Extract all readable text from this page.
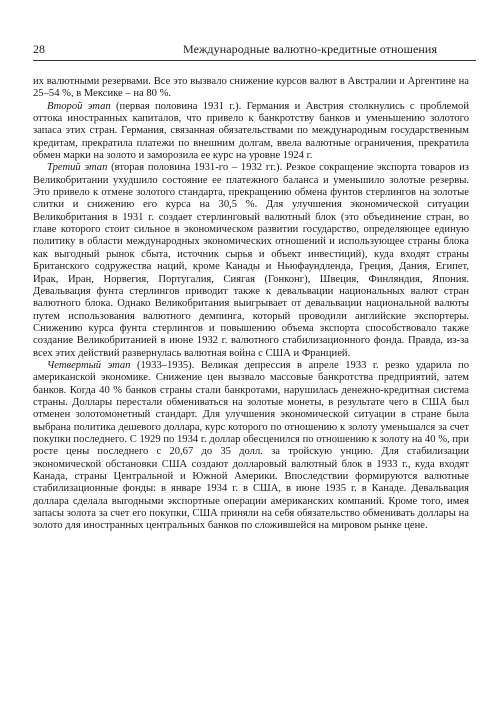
28	Международные валютно-кредитные отношения

их валютными резервами. Все это вызвало снижение курсов валют в Австралии и Аргентине на 25–54 %, в Мексике – на 80 %.

Второй этап (первая половина 1931 г.). Германия и Австрия столкнулись с проблемой оттока иностранных капиталов, что привело к банкротству банков и уменьшению золотого запаса этих стран. Германия, связанная обязательствами по международным государственным кредитам, прекратила платежи по внешним долгам, ввела валютные ограничения, прекратила обмен марки на золото и заморозила ее курс на уровне 1924 г.

Третий этап (вторая половина 1931-го – 1932 гг.). Резкое сокращение экспорта товаров из Великобритании ухудшило состояние ее платежного баланса и уменьшило золотые резервы. Это привело к отмене золотого стандарта, прекращению обмена фунтов стерлингов на золотые слитки и снижению его курса на 30,5 %. Для улучшения экономической ситуации Великобритания в 1931 г. создает стерлинговый валютный блок (это объединение стран, во главе которого стоит сильное в экономическом развитии государство, определяющее единую политику в области международных экономических отношений и использующее страны блока как выгодный рынок сбыта, источник сырья и объект инвестиций), куда входят страны Британского содружества наций, кроме Канады и Ньюфаундленда, Греция, Дания, Египет, Ирак, Иран, Норвегия, Португалия, Сиягая (Гонконг), Швеция, Финляндия, Япония. Девальвация фунта стерлингов приводит также к девальвации национальных валют стран валютного блока. Однако Великобритания выигрывает от девальвации национальной валюты путем использования валютного демпинга, который проводили английские экспортеры. Снижению курса фунта стерлингов и повышению объема экспорта способствовало также создание Великобританией в июне 1932 г. валютного стабилизационного фонда. Правда, из-за всех этих действий развернулась валютная война с США и Францией.

Четвертый этап (1933–1935). Великая депрессия в апреле 1933 г. резко ударила по американской экономике. Снижение цен вызвало массовые банкротства предприятий, затем банков. Когда 40 % банков страны стали банкротами, нарушилась денежно-кредитная система страны. Доллары перестали обмениваться на золотые монеты, в результате чего в США был отменен золотомонетный стандарт. Для улучшения экономической ситуации в стране была выбрана политика дешевого доллара, курс которого по отношению к золоту уменьшался за счет покупки последнего. С 1929 по 1934 г. доллар обесценился по отношению к золоту на 40 %, при росте цены последнего с 20,67 до 35 долл. за тройскую унцию. Для стабилизации экономической обстановки США создают долларовый валютный блок в 1933 г., куда входят Канада, страны Центральной и Южной Америки. Впоследствии формируются валютные стабилизационные фонды: в январе 1934 г. в США, в июне 1935 г. в Канаде. Девальвация доллара сделала выгодными экспортные операции американских компаний. Кроме того, имея запасы золота за счет его покупки, США приняли на себя обязательство обменивать доллары на золото для иностранных центральных банков по сложившейся на мировом рынке цене.
